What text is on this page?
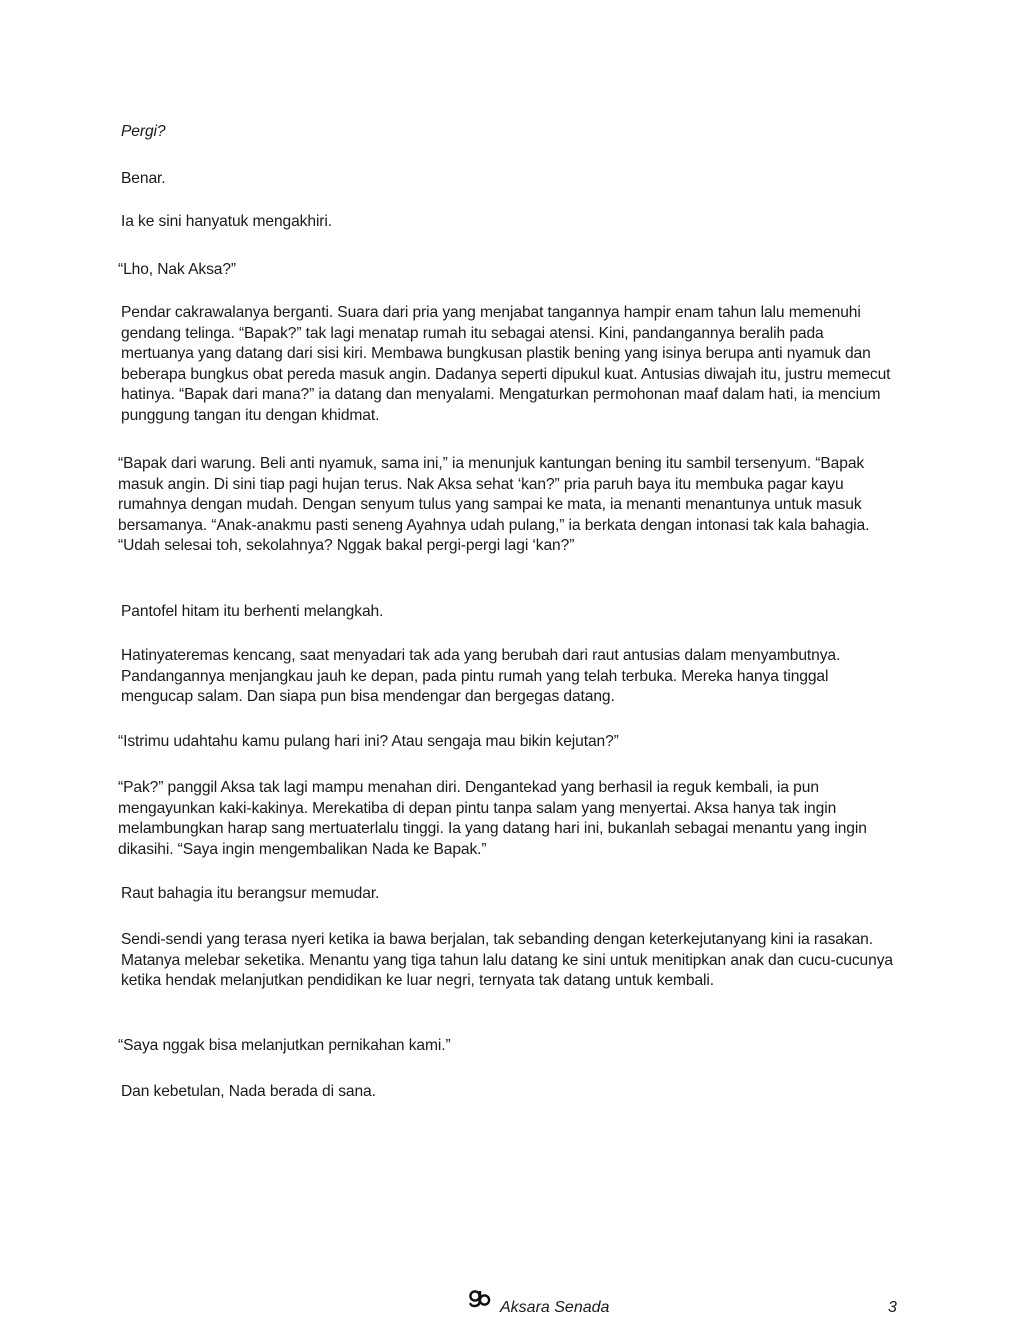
Pergi?

Benar.

Ia ke sini hanyatuk mengakhiri.

“Lho, Nak Aksa?”

Pendar cakrawalanya berganti. Suara dari pria yang menjabat tangannya hampir enam tahun lalu memenuhi gendang telinga. “Bapak?” tak lagi menatap rumah itu sebagai atensi. Kini, pandangannya beralih pada mertuanya yang datang dari sisi kiri. Membawa bungkusan plastik bening yang isinya berupa anti nyamuk dan beberapa bungkus obat pereda masuk angin. Dadanya seperti dipukul kuat. Antusias diwajah itu, justru memecut hatinya. “Bapak dari mana?” ia datang dan menyalami. Mengaturkan permohonan maaf dalam hati, ia mencium punggung tangan itu dengan khidmat.

“Bapak dari warung. Beli anti nyamuk, sama ini,” ia menunjuk kantungan bening itu sambil tersenyum. “Bapak masuk angin. Di sini tiap pagi hujan terus. Nak Aksa sehat ‘kan?” pria paruh baya itu membuka pagar kayu rumahnya dengan mudah. Dengan senyum tulus yang sampai ke mata, ia menanti menantunya untuk masuk bersamanya. “Anak-anakmu pasti seneng Ayahnya udah pulang,” ia berkata dengan intonasi tak kala bahagia. “Udah selesai toh, sekolahnya? Nggak bakal pergi-pergi lagi ‘kan?”

Pantofel hitam itu berhenti melangkah.

Hatinyateremas kencang, saat menyadari tak ada yang berubah dari raut antusias dalam menyambutnya. Pandangannya menjangkau jauh ke depan, pada pintu rumah yang telah terbuka. Mereka hanya tinggal mengucap salam. Dan siapa pun bisa mendengar dan bergegas datang.

“Istrimu udahtahu kamu pulang hari ini? Atau sengaja mau bikin kejutan?”

“Pak?” panggil Aksa tak lagi mampu menahan diri. Dengantekad yang berhasil ia reguk kembali, ia pun mengayunkan kaki-kakinya. Merekatiba di depan pintu tanpa salam yang menyertai. Aksa hanya tak ingin melambungkan harap sang mertuaterlalu tinggi. Ia yang datang hari ini, bukanlah sebagai menantu yang ingin dikasihi. “Saya ingin mengembalikan Nada ke Bapak.”

Raut bahagia itu berangsur memudar.

Sendi-sendi yang terasa nyeri ketika ia bawa berjalan, tak sebanding dengan keterkejutanyang kini ia rasakan. Matanya melebar seketika. Menantu yang tiga tahun lalu datang ke sini untuk menitipkan anak dan cucu-cucunya ketika hendak melanjutkan pendidikan ke luar negri, ternyata tak datang untuk kembali.

“Saya nggak bisa melanjutkan pernikahan kami.”

Dan kebetulan, Nada berada di sana.

Aksara Senada	3
